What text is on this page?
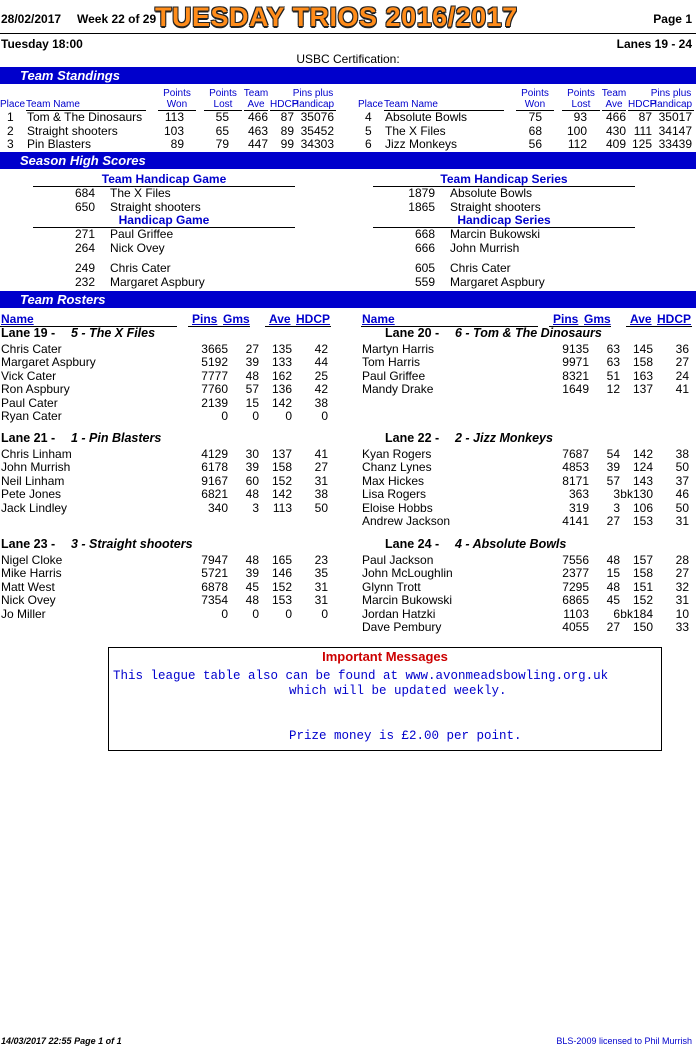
28/02/2017 Week 22 of 29
TUESDAY TRIOS 2016/2017	Page 1
Tuesday 18:00	Lanes 19 - 24
USBC Certification:
Team Standings
Place Team Name
Points
Won
Points
Lost
Team
Ave HDCP
Pins plus
Handicap
1 Tom & The Dinosaurs	113	55	466	87 35076
2 Straight shooters	103	65	463	89 35452
3 Pin Blasters	89	79	447	99 34303
Place Team Name
Points
Won
Points
Lost
Team
Ave HDCP
Pins plus
Handicap
4 Absolute Bowls	75	93	466	87 35017
5 The X Files	68	100	430 111 34147
6 Jizz Monkeys	56	112	409 125 33439
Season High Scores
Team Handicap Game
684 The X Files
650 Straight shooters
Handicap Game
271 Paul Griffee
264 Nick Ovey
249 Chris Cater
232 Margaret Aspbury
Team Handicap Series
1879 Absolute Bowls
1865 Straight shooters
Handicap Series
668 Marcin Bukowski
666 John Murrish
605 Chris Cater
559 Margaret Aspbury
Team Rosters
Name	Pins Gms Ave HDCP	Name	Pins Gms Ave HDCP
Lane 19 - 5 - The X Files
Chris Cater	3665	27	135	42
Margaret Aspbury	5192	39	133	44
Vick Cater	7777	48	162	25
Ron Aspbury	7760	57	136	42
Paul Cater	2139	15	142	38
Ryan Cater	0	0	0	0
Lane 20 - 6 - Tom & The Dinosaurs
Martyn Harris	9135	63	145	36
Tom Harris	9971	63	158	27
Paul Griffee	8321	51	163	24
Mandy Drake	1649	12	137	41
Lane 21 - 1 - Pin Blasters
Chris Linham	4129	30	137	41
John Murrish	6178	39	158	27
Neil Linham	9167	60	152	31
Pete Jones	6821	48	142	38
Jack Lindley	340	3	113	50
Lane 22 - 2 - Jizz Monkeys
Kyan Rogers	7687	54	142	38
Chanz Lynes	4853	39	124	50
Max Hickes	8171	57	143	37
Lisa Rogers	363	3 bk130	46
Eloise Hobbs	319	3	106	50
Andrew Jackson	4141	27	153	31
Lane 23 - 3 - Straight shooters
Nigel Cloke	7947	48	165	23
Mike Harris	5721	39	146	35
Matt West	6878	45	152	31
Nick Ovey	7354	48	153	31
Jo Miller	0	0	0	0
Lane 24 - 4 - Absolute Bowls
Paul Jackson	7556	48	157	28
John McLoughlin	2377	15	158	27
Glynn Trott	7295	48	151	32
Marcin Bukowski	6865	45	152	31
Jordan Hatzki	1103	6 bk184	10
Dave Pembury	4055	27	150	33
Important Messages
This league table also can be found at www.avonmeadsbowling.org.uk
which will be updated weekly.
Prize money is £2.00 per point.
14/03/2017 22:55 Page 1 of 1	BLS-2009 licensed to Phil Murrish
